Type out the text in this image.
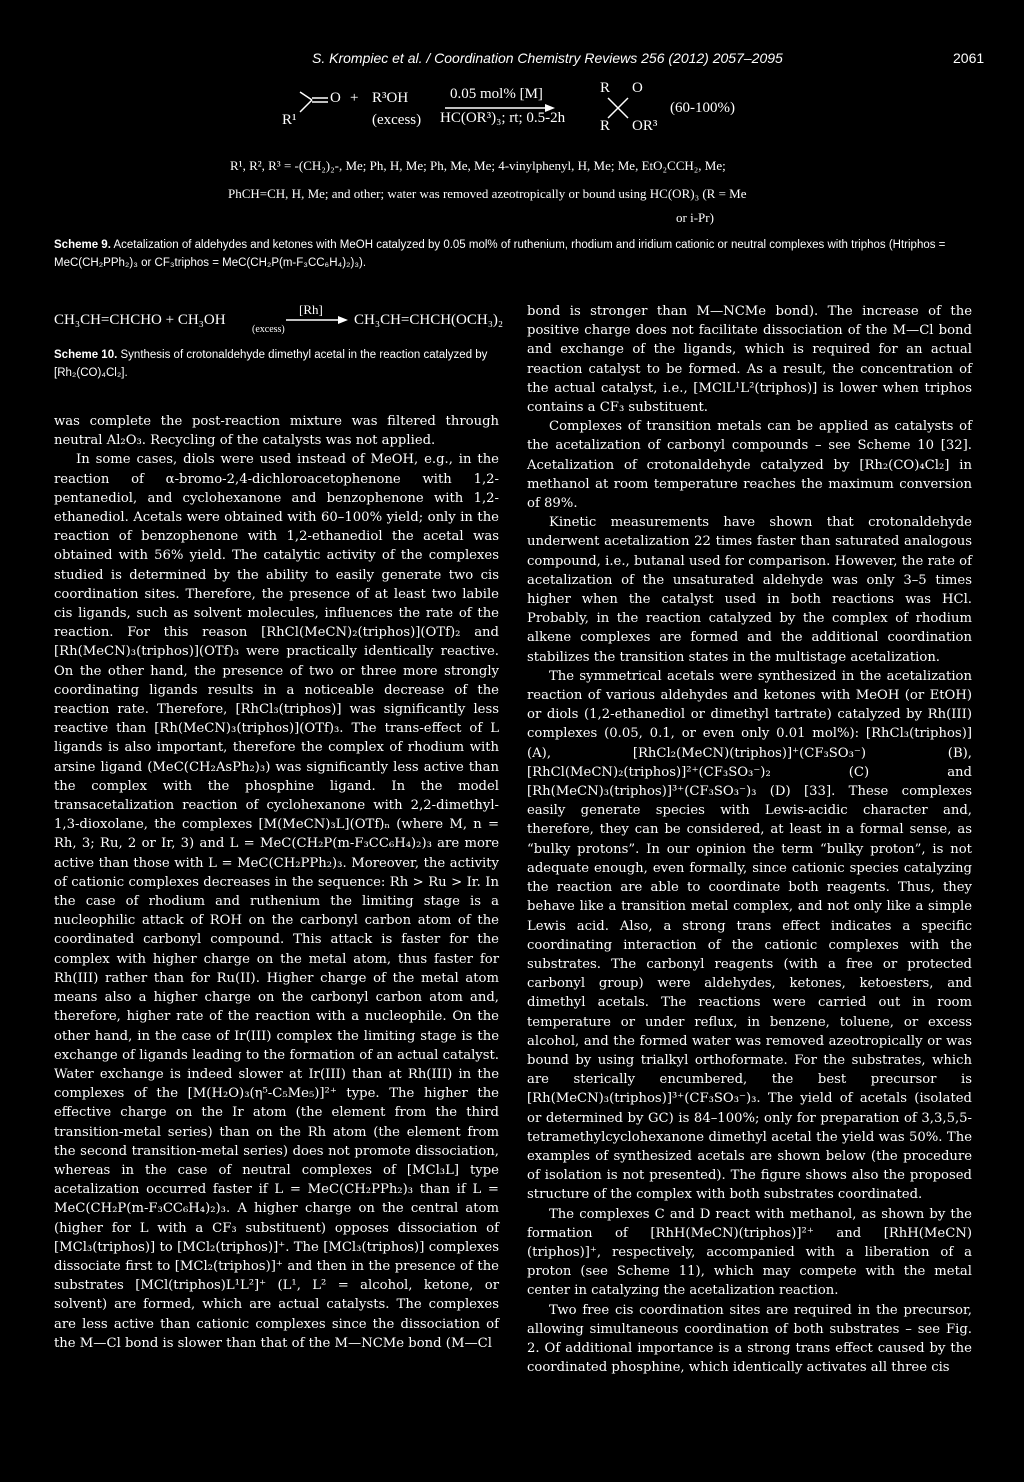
S. Krompiec et al. / Coordination Chemistry Reviews 256 (2012) 2057–2095	2061
O + R³OH
R¹	(excess)
0.05 mol% [M]
HC(OR³)₃; rt; 0.5-2h
R O
R OR³
(60-100%)
R¹, R², R³ = -(CH₂)₂-, Me; Ph, H, Me; Ph, Me, Me; 4-vinylphenyl, H, Me; Me, EtO₂CCH₂, Me;
PhCH=CH, H, Me; and other; water was removed azeotropically or bound using HC(OR)₃ (R = Me
or i-Pr)
Scheme 9. Acetalization of aldehydes and ketones with MeOH catalyzed by 0.05 mol% of ruthenium, rhodium and iridium cationic or neutral complexes with triphos (Htriphos = MeC(CH₂PPh₂)₃ or CF₃triphos = MeC(CH₂P(m-F₃CC₆H₄)₂)₃).
CH₃CH=CHCHO + CH₃OH
(excess)
[Rh]
CH₃CH=CHCH(OCH₃)₂
Scheme 10. Synthesis of crotonaldehyde dimethyl acetal in the reaction catalyzed by [Rh₂(CO)₄Cl₂].

was complete the post-reaction mixture was filtered through neutral Al₂O₃. Recycling of the catalysts was not applied.

In some cases, diols were used instead of MeOH, e.g., in the reaction of α-bromo-2,4-dichloroacetophenone with 1,2-pentanediol, and cyclohexanone and benzophenone with 1,2-ethanediol. Acetals were obtained with 60–100% yield; only in the reaction of benzophenone with 1,2-ethanediol the acetal was obtained with 56% yield. The catalytic activity of the complexes studied is determined by the ability to easily generate two cis coordination sites. Therefore, the presence of at least two labile cis ligands, such as solvent molecules, influences the rate of the reaction. For this reason [RhCl(MeCN)₂(triphos)](OTf)₂ and [Rh(MeCN)₃(triphos)](OTf)₃ were practically identically reactive. On the other hand, the presence of two or three more strongly coordinating ligands results in a noticeable decrease of the reaction rate. Therefore, [RhCl₃(triphos)] was significantly less reactive than [Rh(MeCN)₃(triphos)](OTf)₃. The trans-effect of L ligands is also important, therefore the complex of rhodium with arsine ligand (MeC(CH₂AsPh₂)₃) was significantly less active than the complex with the phosphine ligand. In the model transacetalization reaction of cyclohexanone with 2,2-dimethyl-1,3-dioxolane, the complexes [M(MeCN)₃L](OTf)ₙ (where M, n = Rh, 3; Ru, 2 or Ir, 3) and L = MeC(CH₂P(m-F₃CC₆H₄)₂)₃ are more active than those with L = MeC(CH₂PPh₂)₃. Moreover, the activity of cationic complexes decreases in the sequence: Rh > Ru > Ir. In the case of rhodium and ruthenium the limiting stage is a nucleophilic attack of ROH on the carbonyl carbon atom of the coordinated carbonyl compound. This attack is faster for the complex with higher charge on the metal atom, thus faster for Rh(III) rather than for Ru(II). Higher charge of the metal atom means also a higher charge on the carbonyl carbon atom and, therefore, higher rate of the reaction with a nucleophile. On the other hand, in the case of Ir(III) complex the limiting stage is the exchange of ligands leading to the formation of an actual catalyst. Water exchange is indeed slower at Ir(III) than at Rh(III) in the complexes of the [M(H₂O)₃(η⁵-C₅Me₅)]²⁺ type. The higher the effective charge on the Ir atom (the element from the third transition-metal series) than on the Rh atom (the element from the second transition-metal series) does not promote dissociation, whereas in the case of neutral complexes of [MCl₃L] type acetalization occurred faster if L = MeC(CH₂PPh₂)₃ than if L = MeC(CH₂P(m-F₃CC₆H₄)₂)₃. A higher charge on the central atom (higher for L with a CF₃ substituent) opposes dissociation of [MCl₃(triphos)] to [MCl₂(triphos)]⁺. The [MCl₃(triphos)] complexes dissociate first to [MCl₂(triphos)]⁺ and then in the presence of the substrates [MCl(triphos)L¹L²]⁺ (L¹, L² = alcohol, ketone, or solvent) are formed, which are actual catalysts. The complexes are less active than cationic complexes since the dissociation of the M—Cl bond is slower than that of the M—NCMe bond (M—Cl

bond is stronger than M—NCMe bond). The increase of the positive charge does not facilitate dissociation of the M—Cl bond and exchange of the ligands, which is required for an actual reaction catalyst to be formed. As a result, the concentration of the actual catalyst, i.e., [MClL¹L²(triphos)] is lower when triphos contains a CF₃ substituent.

Complexes of transition metals can be applied as catalysts of the acetalization of carbonyl compounds – see Scheme 10 [32]. Acetalization of crotonaldehyde catalyzed by [Rh₂(CO)₄Cl₂] in methanol at room temperature reaches the maximum conversion of 89%.

Kinetic measurements have shown that crotonaldehyde underwent acetalization 22 times faster than saturated analogous compound, i.e., butanal used for comparison. However, the rate of acetalization of the unsaturated aldehyde was only 3–5 times higher when the catalyst used in both reactions was HCl. Probably, in the reaction catalyzed by the complex of rhodium alkene complexes are formed and the additional coordination stabilizes the transition states in the multistage acetalization.

The symmetrical acetals were synthesized in the acetalization reaction of various aldehydes and ketones with MeOH (or EtOH) or diols (1,2-ethanediol or dimethyl tartrate) catalyzed by Rh(III) complexes (0.05, 0.1, or even only 0.01 mol%): [RhCl₃(triphos)] (A), [RhCl₂(MeCN)(triphos)]⁺(CF₃SO₃⁻) (B), [RhCl(MeCN)₂(triphos)]²⁺(CF₃SO₃⁻)₂ (C) and [Rh(MeCN)₃(triphos)]³⁺(CF₃SO₃⁻)₃ (D) [33]. These complexes easily generate species with Lewis-acidic character and, therefore, they can be considered, at least in a formal sense, as “bulky protons”. In our opinion the term “bulky proton”, is not adequate enough, even formally, since cationic species catalyzing the reaction are able to coordinate both reagents. Thus, they behave like a transition metal complex, and not only like a simple Lewis acid. Also, a strong trans effect indicates a specific coordinating interaction of the cationic complexes with the substrates. The carbonyl reagents (with a free or protected carbonyl group) were aldehydes, ketones, ketoesters, and dimethyl acetals. The reactions were carried out in room temperature or under reflux, in benzene, toluene, or excess alcohol, and the formed water was removed azeotropically or was bound by using trialkyl orthoformate. For the substrates, which are sterically encumbered, the best precursor is [Rh(MeCN)₃(triphos)]³⁺(CF₃SO₃⁻)₃. The yield of acetals (isolated or determined by GC) is 84–100%; only for preparation of 3,3,5,5-tetramethylcyclohexanone dimethyl acetal the yield was 50%. The examples of synthesized acetals are shown below (the procedure of isolation is not presented). The figure shows also the proposed structure of the complex with both substrates coordinated.

The complexes C and D react with methanol, as shown by the formation of [RhH(MeCN)(triphos)]²⁺ and [RhH(MeCN)(triphos)]⁺, respectively, accompanied with a liberation of a proton (see Scheme 11), which may compete with the metal center in catalyzing the acetalization reaction.

Two free cis coordination sites are required in the precursor, allowing simultaneous coordination of both substrates – see Fig. 2. Of additional importance is a strong trans effect caused by the coordinated phosphine, which identically activates all three cis
